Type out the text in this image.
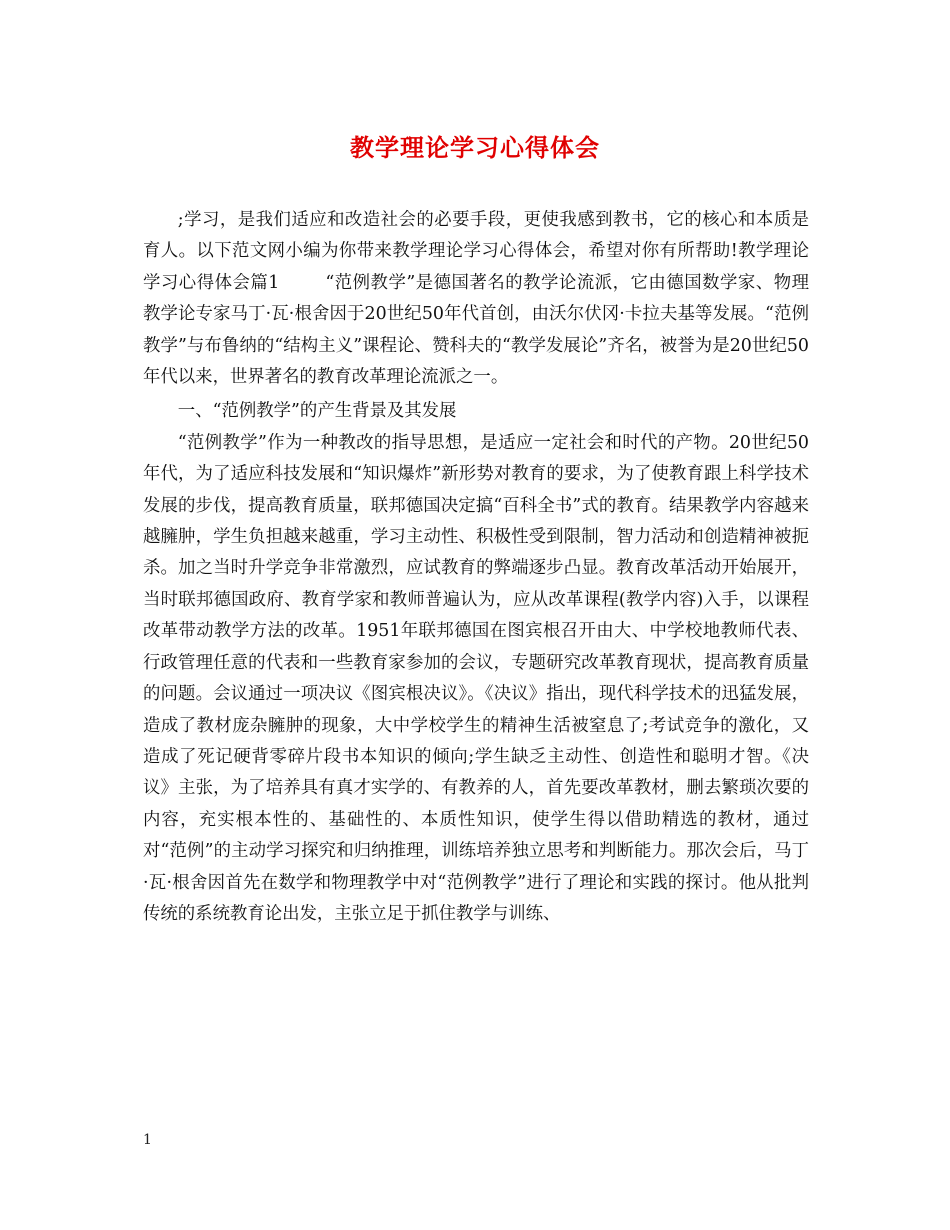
教学理论学习心得体会

;学习，是我们适应和改造社会的必要手段，更使我感到教书，它的核心和本质是育人。以下范文网小编为你带来教学理论学习心得体会，希望对你有所帮助!教学理论学习心得体会篇1	“范例教学”是德国著名的教学论流派，它由德国数学家、物理教学论专家马丁·瓦·根舍因于20世纪50年代首创，由沃尔伏冈·卡拉夫基等发展。“范例教学”与布鲁纳的“结构主义”课程论、赞科夫的“教学发展论”齐名，被誉为是20世纪50年代以来，世界著名的教育改革理论流派之一。

一、“范例教学”的产生背景及其发展

“范例教学”作为一种教改的指导思想，是适应一定社会和时代的产物。20世纪50年代，为了适应科技发展和“知识爆炸”新形势对教育的要求，为了使教育跟上科学技术发展的步伐，提高教育质量，联邦德国决定搞“百科全书”式的教育。结果教学内容越来越臃肿，学生负担越来越重，学习主动性、积极性受到限制，智力活动和创造精神被扼杀。加之当时升学竞争非常激烈，应试教育的弊端逐步凸显。教育改革活动开始展开，当时联邦德国政府、教育学家和教师普遍认为，应从改革课程(教学内容)入手，以课程改革带动教学方法的改革。1951年联邦德国在图宾根召开由大、中学校地教师代表、行政管理任意的代表和一些教育家参加的会议，专题研究改革教育现状，提高教育质量的问题。会议通过一项决议《图宾根决议》。《决议》指出，现代科学技术的迅猛发展，造成了教材庞杂臃肿的现象，大中学校学生的精神生活被窒息了;考试竞争的激化，又造成了死记硬背零碎片段书本知识的倾向;学生缺乏主动性、创造性和聪明才智。《决议》主张，为了培养具有真才实学的、有教养的人，首先要改革教材，删去繁琐次要的内容，充实根本性的、基础性的、本质性知识，使学生得以借助精选的教材，通过对“范例”的主动学习探究和归纳推理，训练培养独立思考和判断能力。那次会后，马丁·瓦·根舍因首先在数学和物理教学中对“范例教学”进行了理论和实践的探讨。他从批判传统的系统教育论出发，主张立足于抓住教学与训练、

1
